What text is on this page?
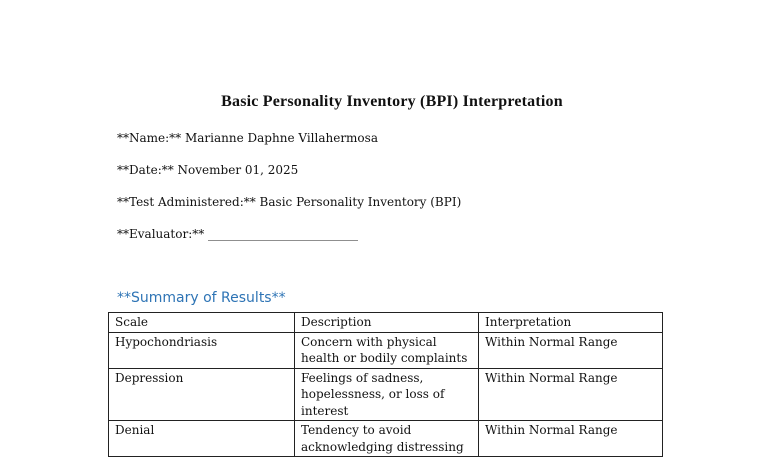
Basic Personality Inventory (BPI) Interpretation
**Name:** Marianne Daphne Villahermosa
**Date:** November 01, 2025
**Test Administered:** Basic Personality Inventory (BPI)
**Evaluator:** _________________________
**Summary of Results**
Scale	Description	Interpretation
Hypochondriasis	Concern with physical health or bodily complaints	Within Normal Range
Depression	Feelings of sadness, hopelessness, or loss of interest	Within Normal Range
Denial	Tendency to avoid acknowledging distressing	Within Normal Range
